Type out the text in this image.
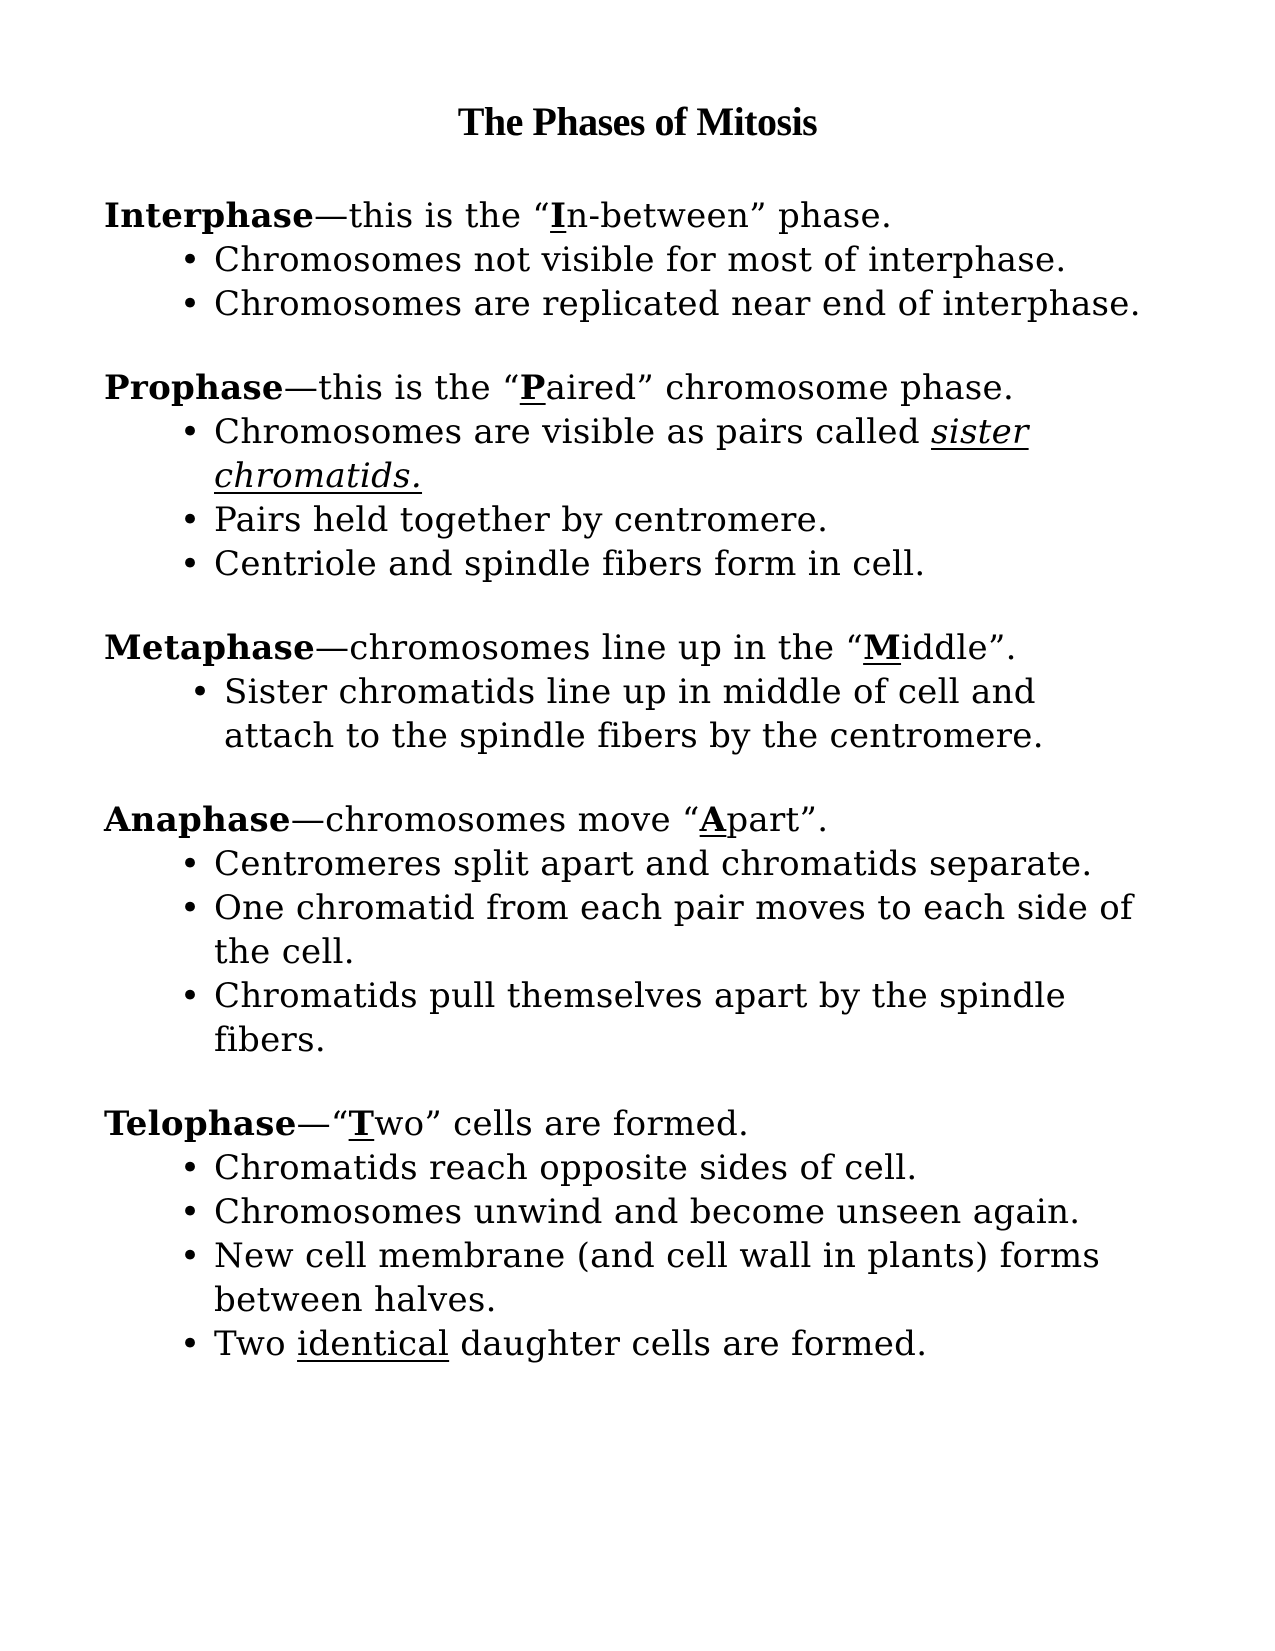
The Phases of Mitosis

Interphase—this is the “In-between” phase.

• Chromosomes not visible for most of interphase.
• Chromosomes are replicated near end of interphase.

Prophase—this is the “Paired” chromosome phase.

• Chromosomes are visible as pairs called sister
chromatids.
• Pairs held together by centromere.
• Centriole and spindle fibers form in cell.

Metaphase—chromosomes line up in the “Middle”.

• Sister chromatids line up in middle of cell and
attach to the spindle fibers by the centromere.

Anaphase—chromosomes move “Apart”.

• Centromeres split apart and chromatids separate.
• One chromatid from each pair moves to each side of
the cell.
• Chromatids pull themselves apart by the spindle
fibers.

Telophase—“Two” cells are formed.

• Chromatids reach opposite sides of cell.
• Chromosomes unwind and become unseen again.
• New cell membrane (and cell wall in plants) forms
between halves.
• Two identical daughter cells are formed.
